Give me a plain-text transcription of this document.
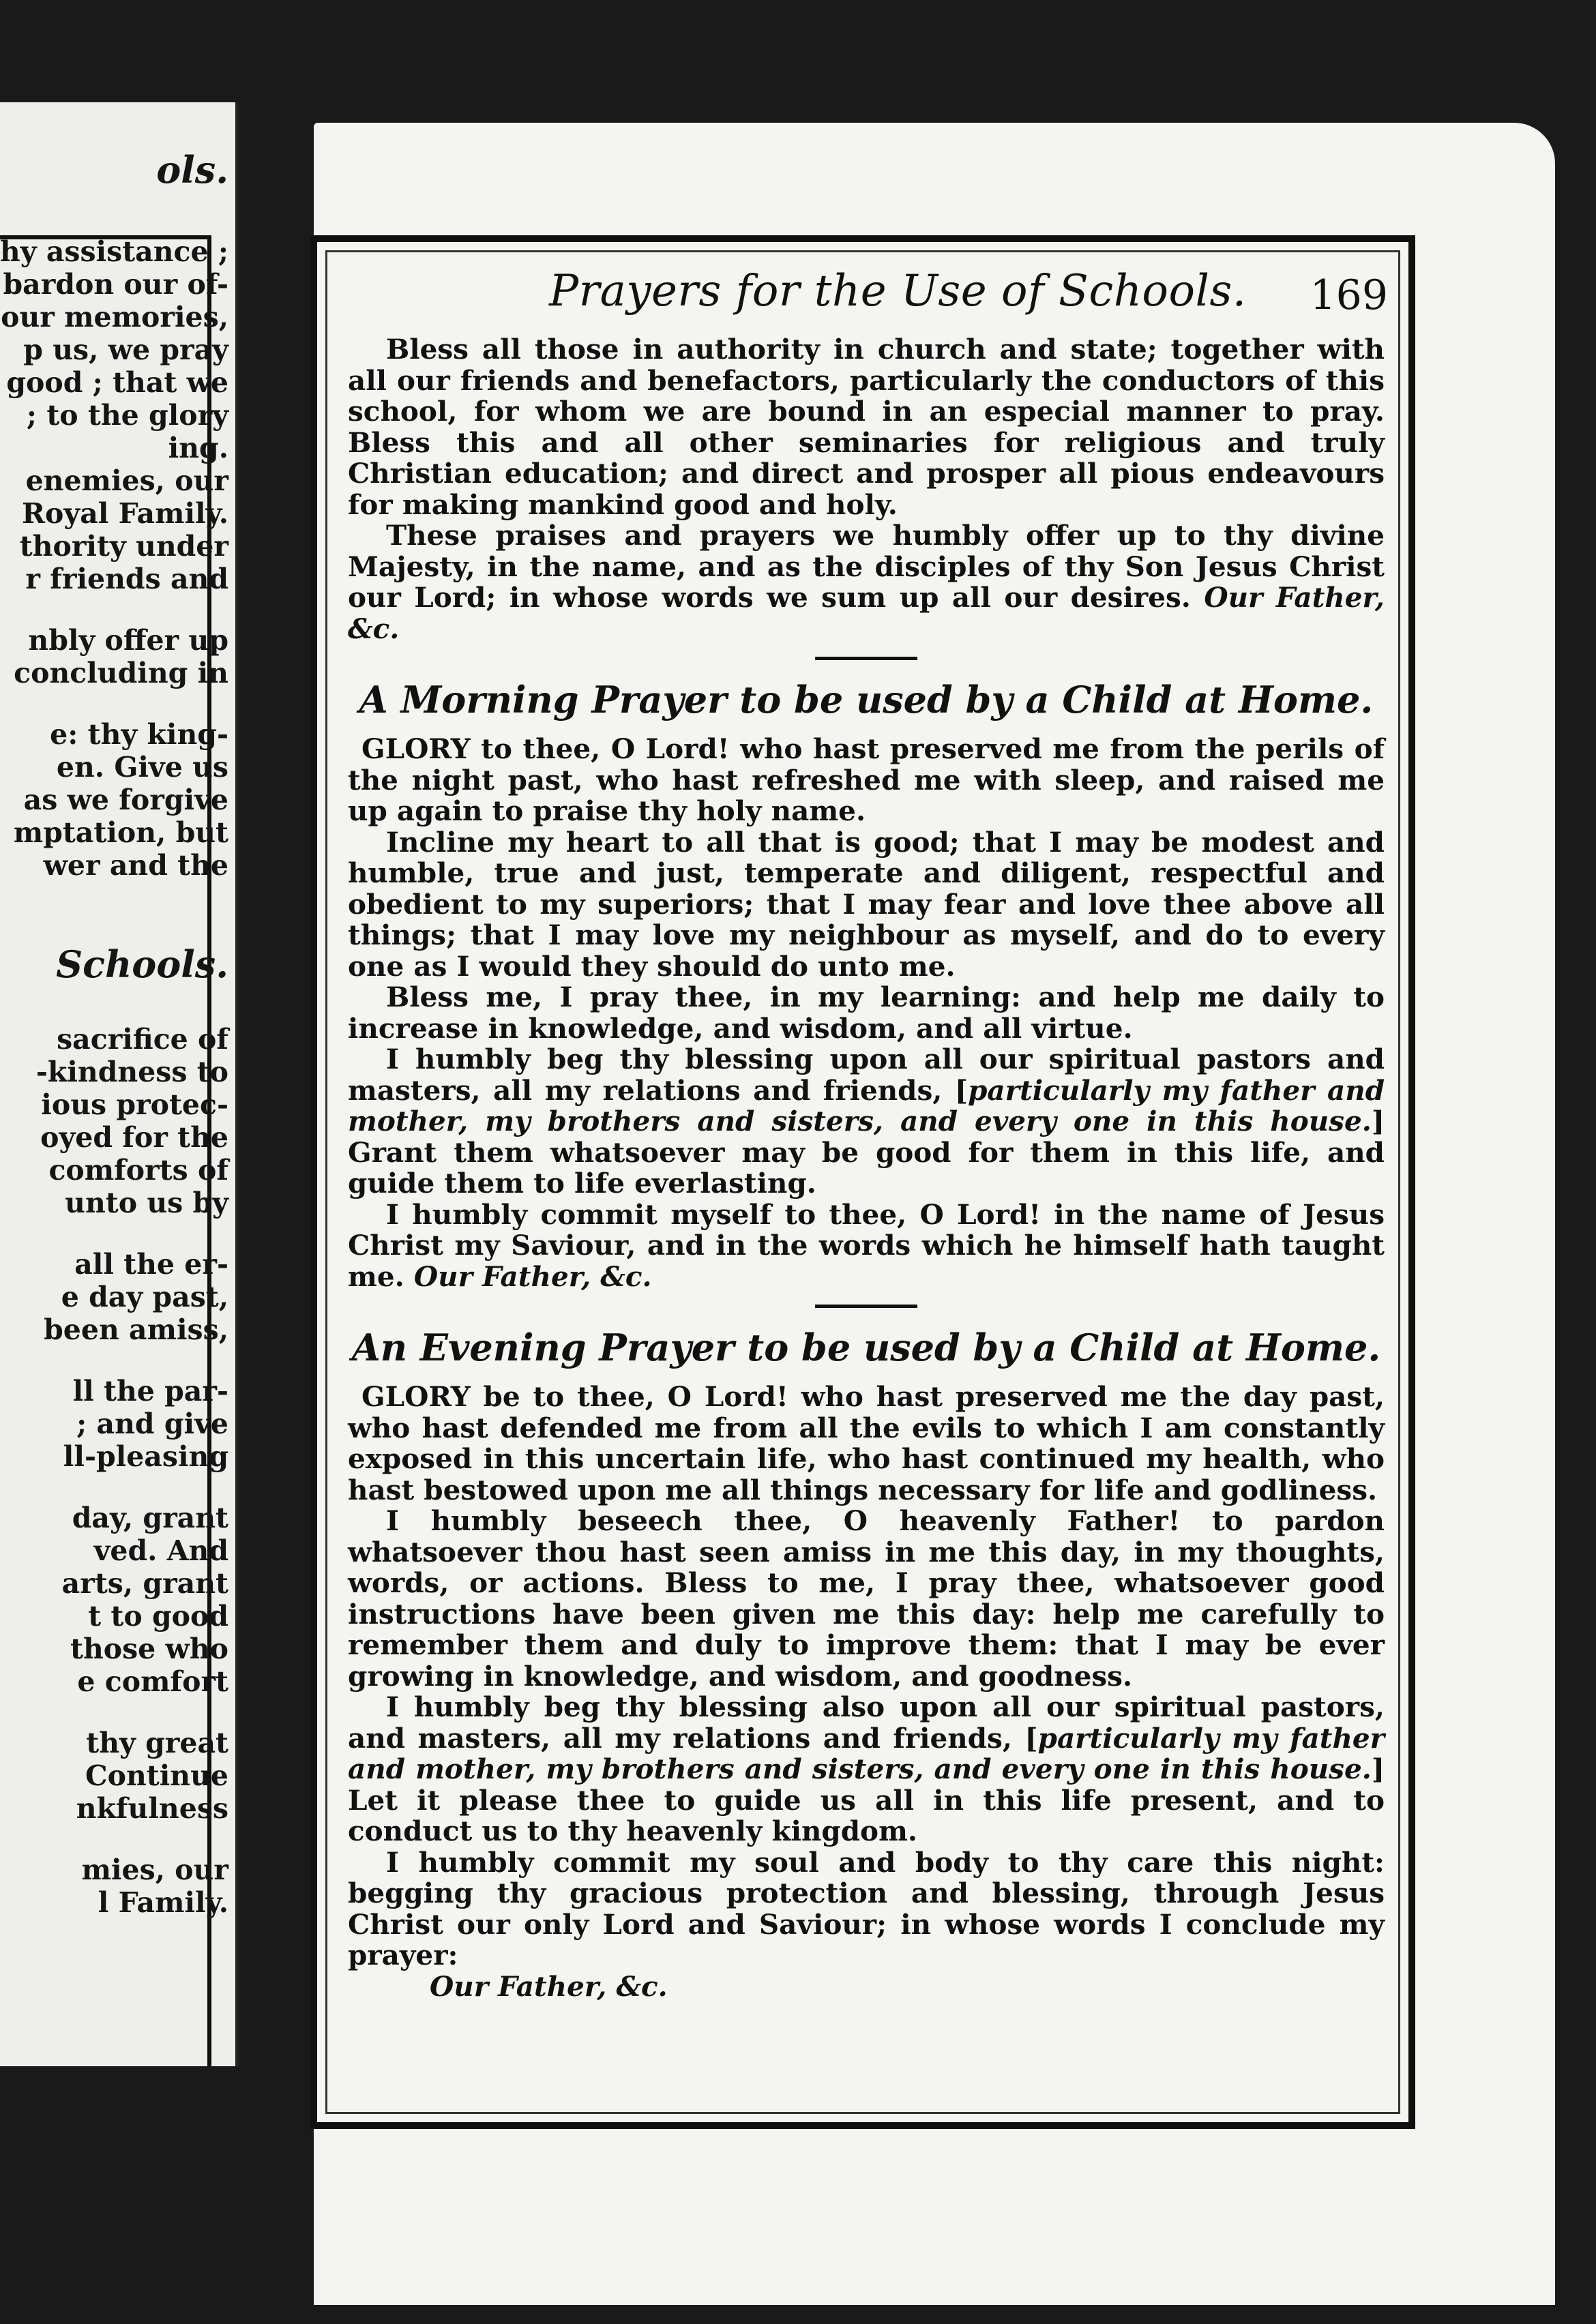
ols.
hy assistance ;
bardon our of-
our memories,
p us, we pray
good ; that we
; to the glory
ing.
enemies, our
Royal Family.
thority under
r friends and
nbly offer up
concluding in
e: thy king-
en. Give us
as we forgive
mptation, but
wer and the
Schools.
sacrifice of
-kindness to
ious protec-
oyed for the
comforts of
unto us by
all the er-
e day past,
been amiss,
ll the par-
; and give
ll-pleasing
day, grant
ved. And
arts, grant
t to good
those who
e comfort
thy great
Continue
nkfulness
mies, our
l Family.
Prayers for the Use of Schools. 169

Bless all those in authority in church and state; together with all our friends and benefactors, particularly the conductors of this school, for whom we are bound in an especial manner to pray. Bless this and all other seminaries for religious and truly Christian education; and direct and prosper all pious endeavours for making mankind good and holy.

These praises and prayers we humbly offer up to thy divine Majesty, in the name, and as the disciples of thy Son Jesus Christ our Lord; in whose words we sum up all our desires. Our Father, &c.

A Morning Prayer to be used by a Child at Home.

GLORY to thee, O Lord! who hast preserved me from the perils of the night past, who hast refreshed me with sleep, and raised me up again to praise thy holy name.

Incline my heart to all that is good; that I may be modest and humble, true and just, temperate and diligent, respectful and obedient to my superiors; that I may fear and love thee above all things; that I may love my neighbour as myself, and do to every one as I would they should do unto me.

Bless me, I pray thee, in my learning: and help me daily to increase in knowledge, and wisdom, and all virtue.

I humbly beg thy blessing upon all our spiritual pastors and masters, all my relations and friends, [particularly my father and mother, my brothers and sisters, and every one in this house.] Grant them whatsoever may be good for them in this life, and guide them to life everlasting.

I humbly commit myself to thee, O Lord! in the name of Jesus Christ my Saviour, and in the words which he himself hath taught me. Our Father, &c.

An Evening Prayer to be used by a Child at Home.

GLORY be to thee, O Lord! who hast preserved me the day past, who hast defended me from all the evils to which I am constantly exposed in this uncertain life, who hast continued my health, who hast bestowed upon me all things necessary for life and godliness.

I humbly beseech thee, O heavenly Father! to pardon whatsoever thou hast seen amiss in me this day, in my thoughts, words, or actions. Bless to me, I pray thee, whatsoever good instructions have been given me this day: help me carefully to remember them and duly to improve them: that I may be ever growing in knowledge, and wisdom, and goodness.

I humbly beg thy blessing also upon all our spiritual pastors, and masters, all my relations and friends, [particularly my father and mother, my brothers and sisters, and every one in this house.] Let it please thee to guide us all in this life present, and to conduct us to thy heavenly kingdom.

I humbly commit my soul and body to thy care this night: begging thy gracious protection and blessing, through Jesus Christ our only Lord and Saviour; in whose words I conclude my prayer:

Our Father, &c.
